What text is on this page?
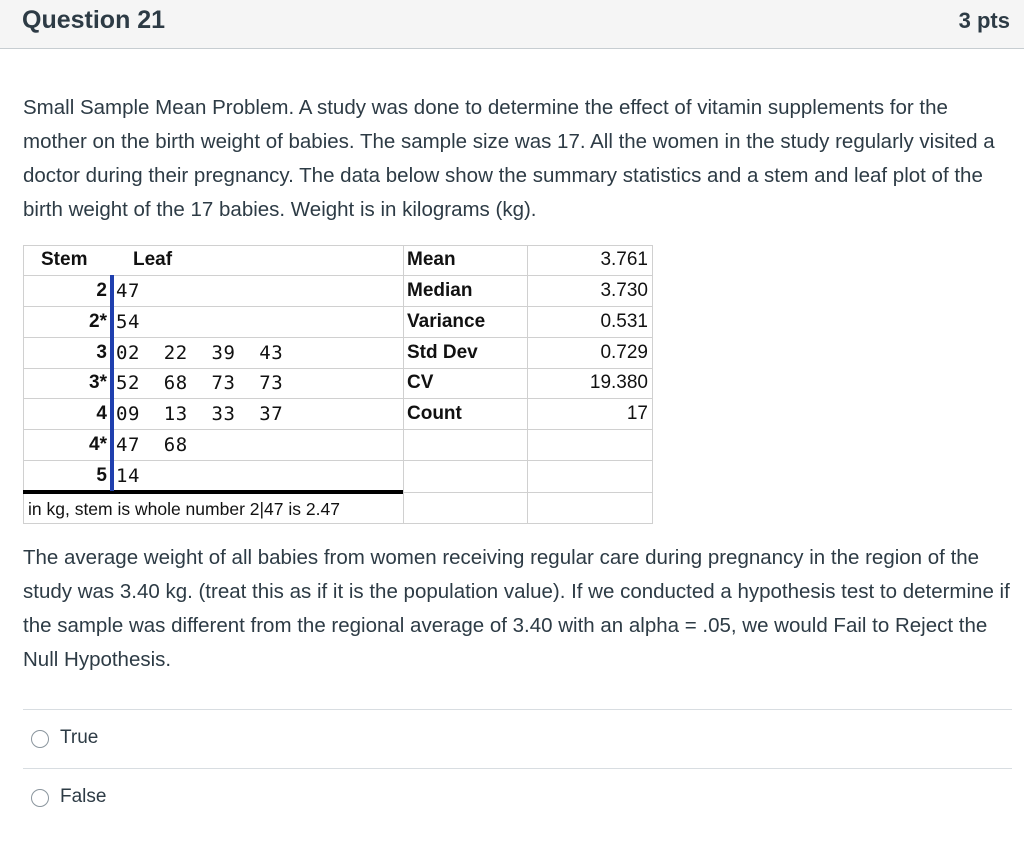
Question 21	3 pts

Small Sample Mean Problem. A study was done to determine the effect of vitamin supplements for the mother on the birth weight of babies. The sample size was 17. All the women in the study regularly visited a doctor during their pregnancy. The data below show the summary statistics and a stem and leaf plot of the birth weight of the 17 babies. Weight is in kilograms (kg).

Stem Leaf
2 47
2* 54
3 02  22  39  43
3* 52  68  73  73
4 09  13  33  37
4* 47  68
5 14
in kg, stem is whole number 2|47 is 2.47
Mean	3.761
Median	3.730
Variance	0.531
Std Dev	0.729
CV	19.380
Count	17

The average weight of all babies from women receiving regular care during pregnancy in the region of the study was 3.40 kg. (treat this as if it is the population value). If we conducted a hypothesis test to determine if the sample was different from the regional average of 3.40 with an alpha = .05, we would Fail to Reject the Null Hypothesis.

True
False
